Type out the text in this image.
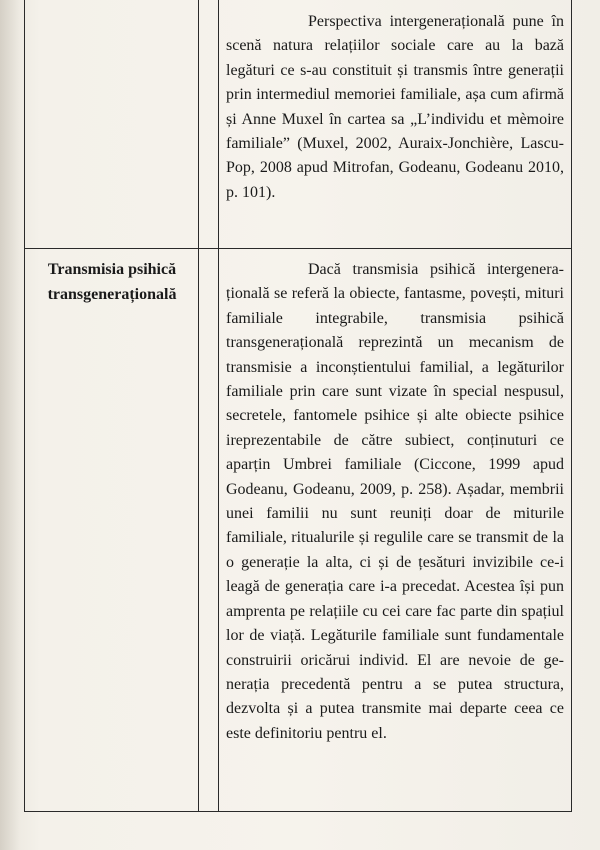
Transmisia psihică transgenerațională

Perspectiva intergenerațională pune în scenă natura relațiilor sociale care au la bază legături ce s-au constituit și transmis între generații prin intermediul memoriei familiale, așa cum afirmă și Anne Muxel în cartea sa „L’individu et mèmoire familiale” (Muxel, 2002, Auraix-Jonchière, Lascu-Pop, 2008 apud Mitrofan, Godeanu, Godeanu 2010, p. 101).

Dacă transmisia psihică intergenerațională se referă la obiecte, fantasme, povești, mituri familiale integrabile, transmisia psihică transgenerațională reprezintă un mecanism de transmisie a inconștientului familial, a legăturilor familiale prin care sunt vizate în special nespusul, secretele, fantomele psihice și alte obiecte psihice ireprezentabile de către subiect, conținuturi ce aparțin Umbrei familiale (Ciccone, 1999 apud Godeanu, Godeanu, 2009, p. 258). Așadar, membrii unei familii nu sunt reuniți doar de miturile familiale, ritualurile și regulile care se transmit de la o generație la alta, ci și de țesături invizibile ce-i leagă de generația care i-a precedat. Acestea își pun amprenta pe relațiile cu cei care fac parte din spațiul lor de viață. Legăturile familiale sunt fundamentale construirii oricărui individ. El are nevoie de generația precedentă pentru a se putea structura, dezvolta și a putea transmite mai departe ceea ce este definitoriu pentru el.
